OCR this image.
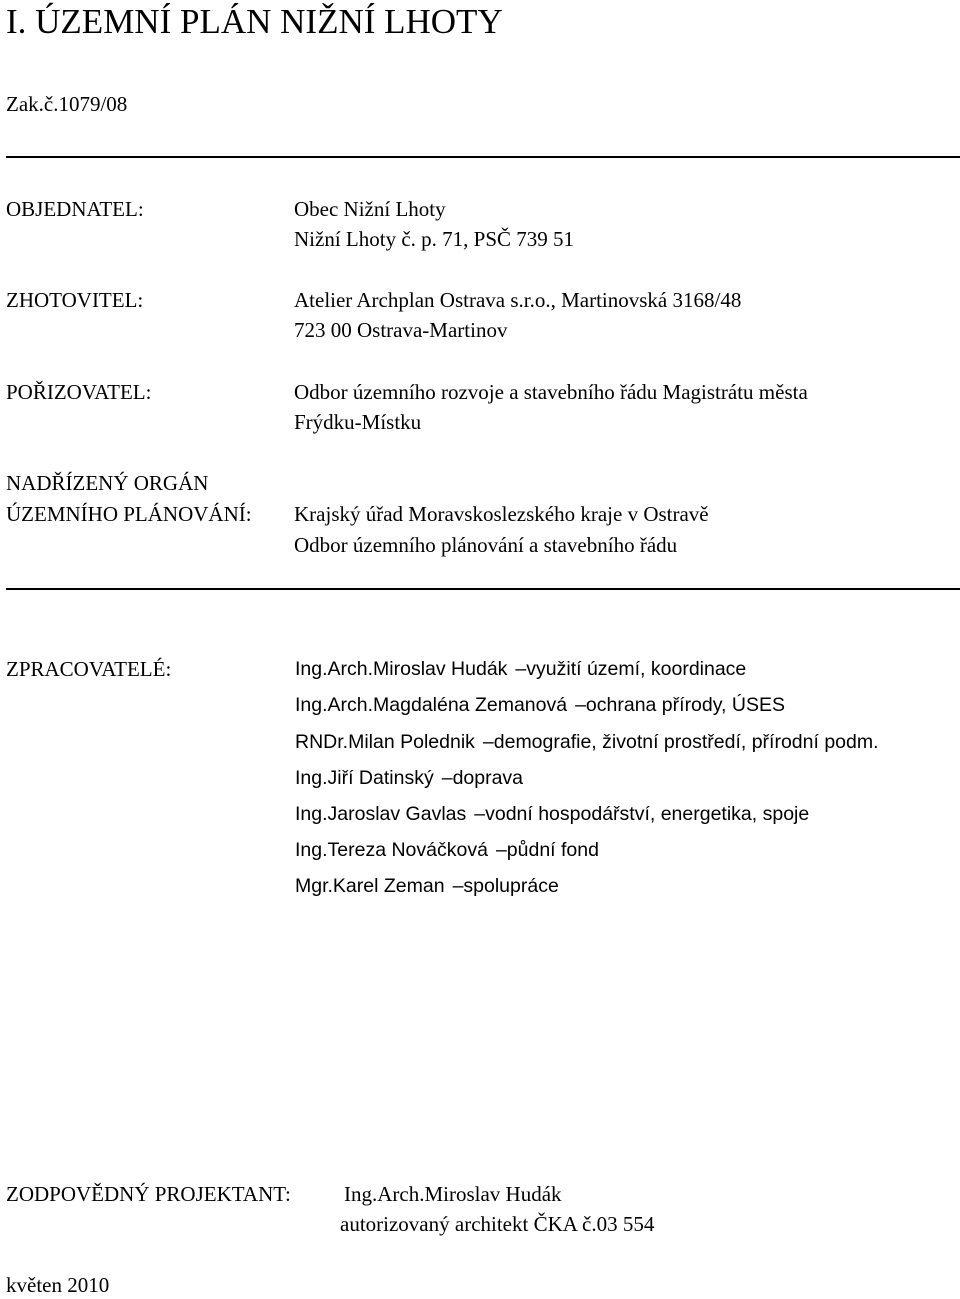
I. ÚZEMNÍ PLÁN NIŽNÍ LHOTY
Zak.č.1079/08
OBJEDNATEL:	Obec Nižní Lhoty
Nižní Lhoty č. p. 71, PSČ 739 51
ZHOTOVITEL:	Atelier Archplan Ostrava s.r.o., Martinovská 3168/48
723 00 Ostrava-Martinov
POŘIZOVATEL:	Odbor územního rozvoje a stavebního řádu Magistrátu města
Frýdku-Místku
NADŘÍZENÝ ORGÁN
ÚZEMNÍHO PLÁNOVÁNÍ: Krajský úřad Moravskoslezského kraje v Ostravě
Odbor územního plánování a stavebního řádu
ZPRACOVATELÉ:	Ing.Arch.Miroslav Hudák –využití území, koordinace
Ing.Arch.Magdaléna Zemanová –ochrana přírody, ÚSES
RNDr.Milan Polednik –demografie, životní prostředí, přírodní podm.
Ing.Jiří Datinský –doprava
Ing.Jaroslav Gavlas –vodní hospodářství, energetika, spoje
Ing.Tereza Nováčková –půdní fond
Mgr.Karel Zeman –spolupráce
ZODPOVĚDNÝ PROJEKTANT:	Ing.Arch.Miroslav Hudák
autorizovaný architekt ČKA č.03 554
květen 2010
